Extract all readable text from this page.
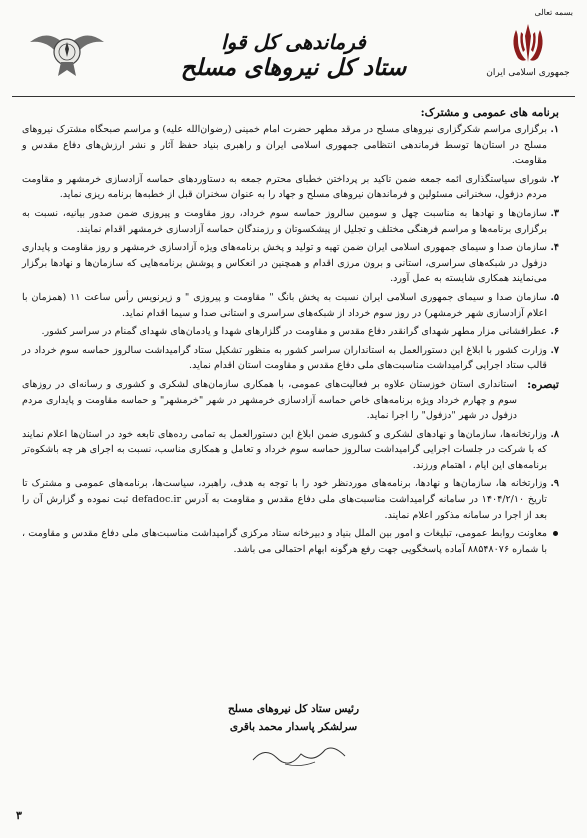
بسمه تعالی
جمهوری اسلامی ایران
فرماندهی کل قوا
ستاد کل نیروهای مسلح
برنامه های عمومی و مشترک:
۱.
برگزاری مراسم شکرگزاری نیروهای مسلح در مرقد مطهر حضرت امام خمینی (رضوان‌الله علیه) و مراسم صبحگاه مشترک نیروهای مسلح در استان‌ها توسط فرماندهی انتظامی جمهوری اسلامی ایران و راهبری بنیاد حفظ آثار و نشر ارزش‌های دفاع مقدس و مقاومت.
۲.
شورای سیاستگذاری ائمه جمعه ضمن تاکید بر پرداختن خطبای محترم جمعه به دستاوردهای حماسه آزادسازی خرمشهر و مقاومت مردم دزفول، سخنرانی مسئولین و فرماندهان نیروهای مسلح و جهاد را به عنوان سخنران قبل از خطبه‌ها برنامه ریزی نماید.
۳.
سازمان‌ها و نهادها به مناسبت چهل و سومین سالروز حماسه سوم خرداد، روز مقاومت و پیروزی ضمن صدور بیانیه، نسبت به برگزاری برنامه‌ها و مراسم فرهنگی مختلف و تجلیل از پیشکسوتان و رزمندگان حماسه آزادسازی خرمشهر اقدام نمایند.
۴.
سازمان صدا و سیمای جمهوری اسلامی ایران ضمن تهیه و تولید و پخش برنامه‌های ویژه آزادسازی خرمشهر و روز مقاومت و پایداری دزفول در شبکه‌های سراسری، استانی و برون مرزی اقدام و همچنین در انعکاس و پوشش برنامه‌هایی که سازمان‌ها و نهادها برگزار می‌نمایند همکاری شایسته به عمل آورد.
۵.
سازمان صدا و سیمای جمهوری اسلامی ایران نسبت به پخش بانگ " مقاومت و پیروزی " و زیرنویس رأس ساعت ۱۱ (همزمان با اعلام آزادسازی شهر خرمشهر) در روز سوم خرداد از شبکه‌های سراسری و استانی صدا و سیما اقدام نماید.
۶.
عطرافشانی مزار مطهر شهدای گرانقدر دفاع مقدس و مقاومت در گلزارهای شهدا و یادمان‌های شهدای گمنام در سراسر کشور.
۷.
وزارت کشور با ابلاغ این دستورالعمل به استانداران سراسر کشور به منظور تشکیل ستاد گرامیداشت سالروز حماسه سوم خرداد در قالب ستاد اجرایی گرامیداشت مناسبت‌های ملی دفاع مقدس و مقاومت استان اقدام نماید.
تبصره:
استانداری استان خوزستان علاوه بر فعالیت‌های عمومی، با همکاری سازمان‌های لشکری و کشوری و رسانه‌ای در روزهای سوم و چهارم خرداد ویژه برنامه‌های خاص حماسه آزادسازی خرمشهر در شهر "خرمشهر" و حماسه مقاومت و پایداری مردم دزفول در شهر "دزفول" را اجرا نماید.
۸.
وزارتخانه‌ها، سازمان‌ها و نهادهای لشکری و کشوری ضمن ابلاغ این دستورالعمل به تمامی رده‌های تابعه خود در استان‌ها اعلام نمایند که با شرکت در جلسات اجرایی گرامیداشت سالروز حماسه سوم خرداد و تعامل و همکاری مناسب، نسبت به اجرای هر چه باشکوه‌تر برنامه‌های این ایام ، اهتمام ورزند.
۹.
وزارتخانه ها، سازمان‌ها و نهادها، برنامه‌های موردنظر خود را با توجه به هدف، راهبرد، سیاست‌ها، برنامه‌های عمومی و مشترک تا تاریخ ۱۴۰۴/۲/۱۰ در سامانه گرامیداشت مناسبت‌های ملی دفاع مقدس و مقاومت به آدرس defadoc.ir ثبت نموده و گزارش آن را بعد از اجرا در سامانه مذکور اعلام نمایند.
معاونت روابط عمومی، تبلیغات و امور بین الملل بنیاد و دبیرخانه ستاد مرکزی گرامیداشت مناسبت‌های ملی دفاع مقدس و مقاومت ، با شماره ۸۸۵۴۸۰۷۶ آماده پاسخگویی جهت رفع هرگونه ابهام احتمالی می باشد.
رئیس ستاد کل نیروهای مسلح
سرلشکر پاسدار محمد باقری
۳
